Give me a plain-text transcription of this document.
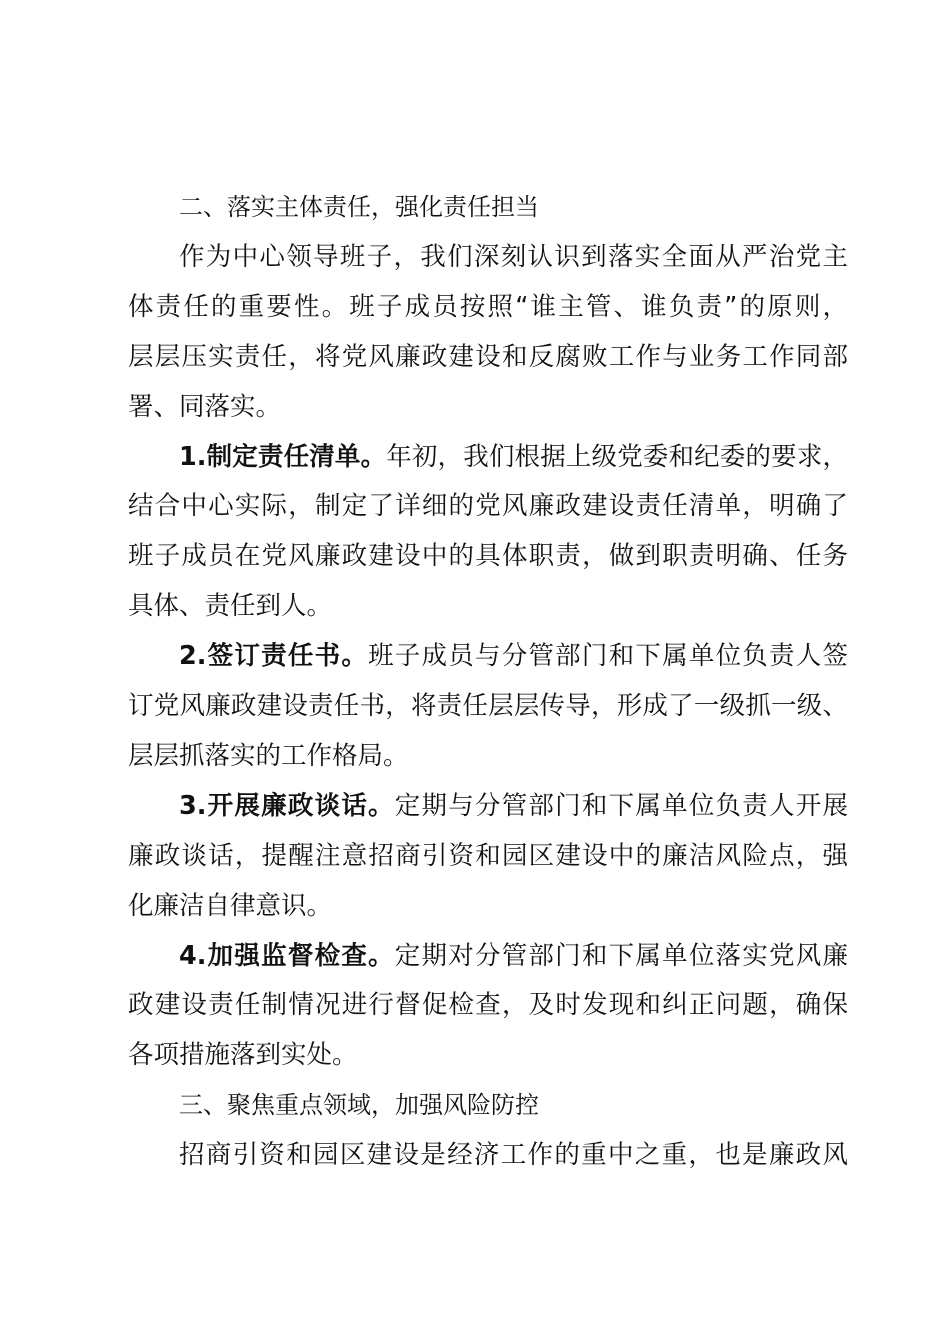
二、落实主体责任，强化责任担当
作为中心领导班子，我们深刻认识到落实全面从严治党主
体责任的重要性。班子成员按照“谁主管、谁负责”的原则，
层层压实责任，将党风廉政建设和反腐败工作与业务工作同部
署、同落实。
1.制定责任清单。年初，我们根据上级党委和纪委的要求，
结合中心实际，制定了详细的党风廉政建设责任清单，明确了
班子成员在党风廉政建设中的具体职责，做到职责明确、任务
具体、责任到人。
2.签订责任书。班子成员与分管部门和下属单位负责人签
订党风廉政建设责任书，将责任层层传导，形成了一级抓一级、
层层抓落实的工作格局。
3.开展廉政谈话。定期与分管部门和下属单位负责人开展
廉政谈话，提醒注意招商引资和园区建设中的廉洁风险点，强
化廉洁自律意识。
4.加强监督检查。定期对分管部门和下属单位落实党风廉
政建设责任制情况进行督促检查，及时发现和纠正问题，确保
各项措施落到实处。
三、聚焦重点领域，加强风险防控
招商引资和园区建设是经济工作的重中之重，也是廉政风
